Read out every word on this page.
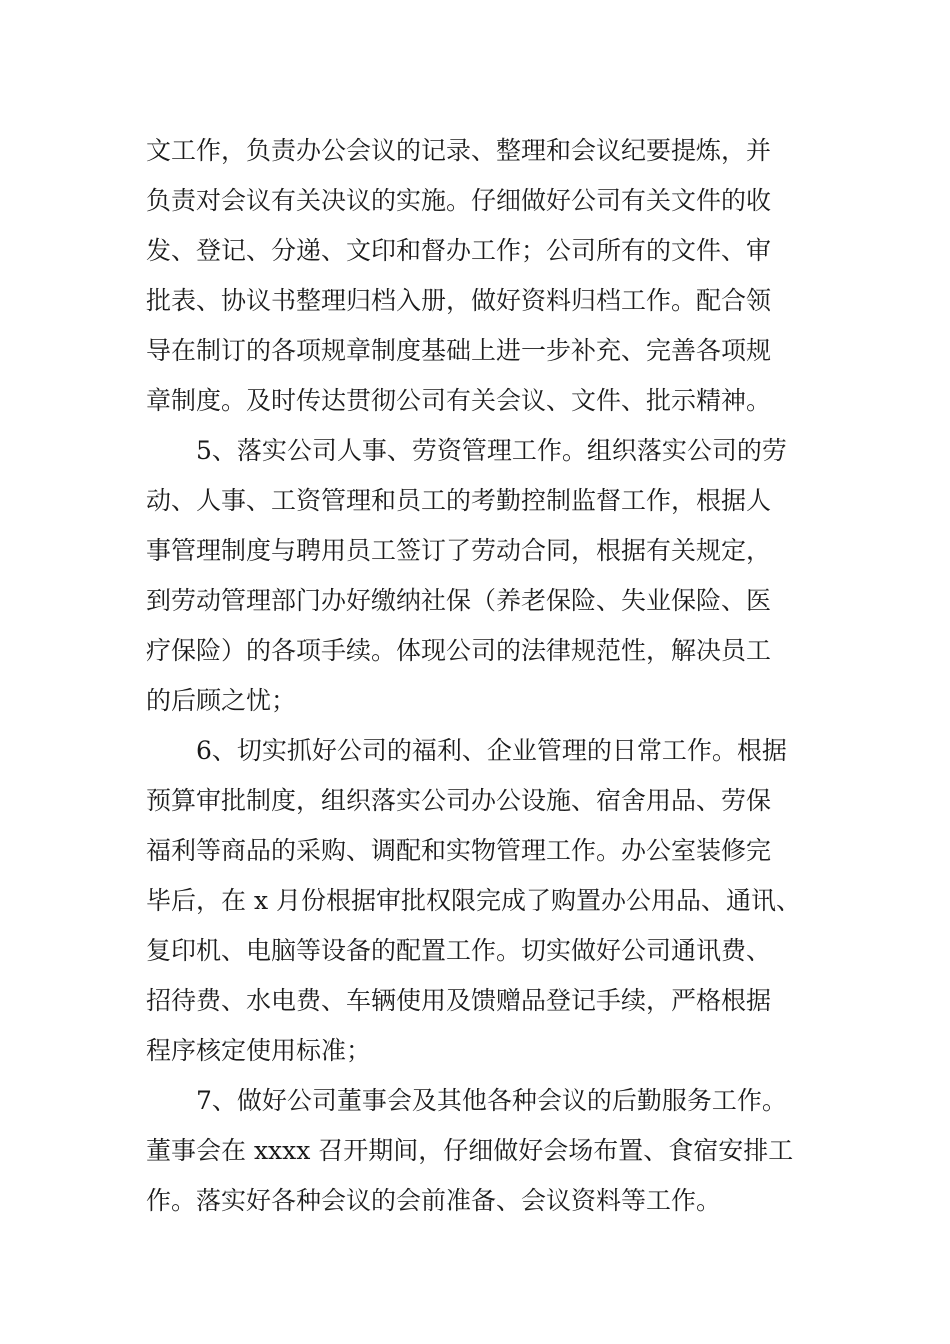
文工作，负责办公会议的记录、整理和会议纪要提炼，并
负责对会议有关决议的实施。仔细做好公司有关文件的收
发、登记、分递、文印和督办工作；公司所有的文件、审
批表、协议书整理归档入册，做好资料归档工作。配合领
导在制订的各项规章制度基础上进一步补充、完善各项规
章制度。及时传达贯彻公司有关会议、文件、批示精神。
5、落实公司人事、劳资管理工作。组织落实公司的劳
动、人事、工资管理和员工的考勤控制监督工作，根据人
事管理制度与聘用员工签订了劳动合同，根据有关规定，
到劳动管理部门办好缴纳社保（养老保险、失业保险、医
疗保险）的各项手续。体现公司的法律规范性，解决员工
的后顾之忧；
6、切实抓好公司的福利、企业管理的日常工作。根据
预算审批制度，组织落实公司办公设施、宿舍用品、劳保
福利等商品的采购、调配和实物管理工作。办公室装修完
毕后，在 x 月份根据审批权限完成了购置办公用品、通讯、
复印机、电脑等设备的配置工作。切实做好公司通讯费、
招待费、水电费、车辆使用及馈赠品登记手续，严格根据
程序核定使用标准；
7、做好公司董事会及其他各种会议的后勤服务工作。
董事会在 xxxx 召开期间，仔细做好会场布置、食宿安排工
作。落实好各种会议的会前准备、会议资料等工作。
